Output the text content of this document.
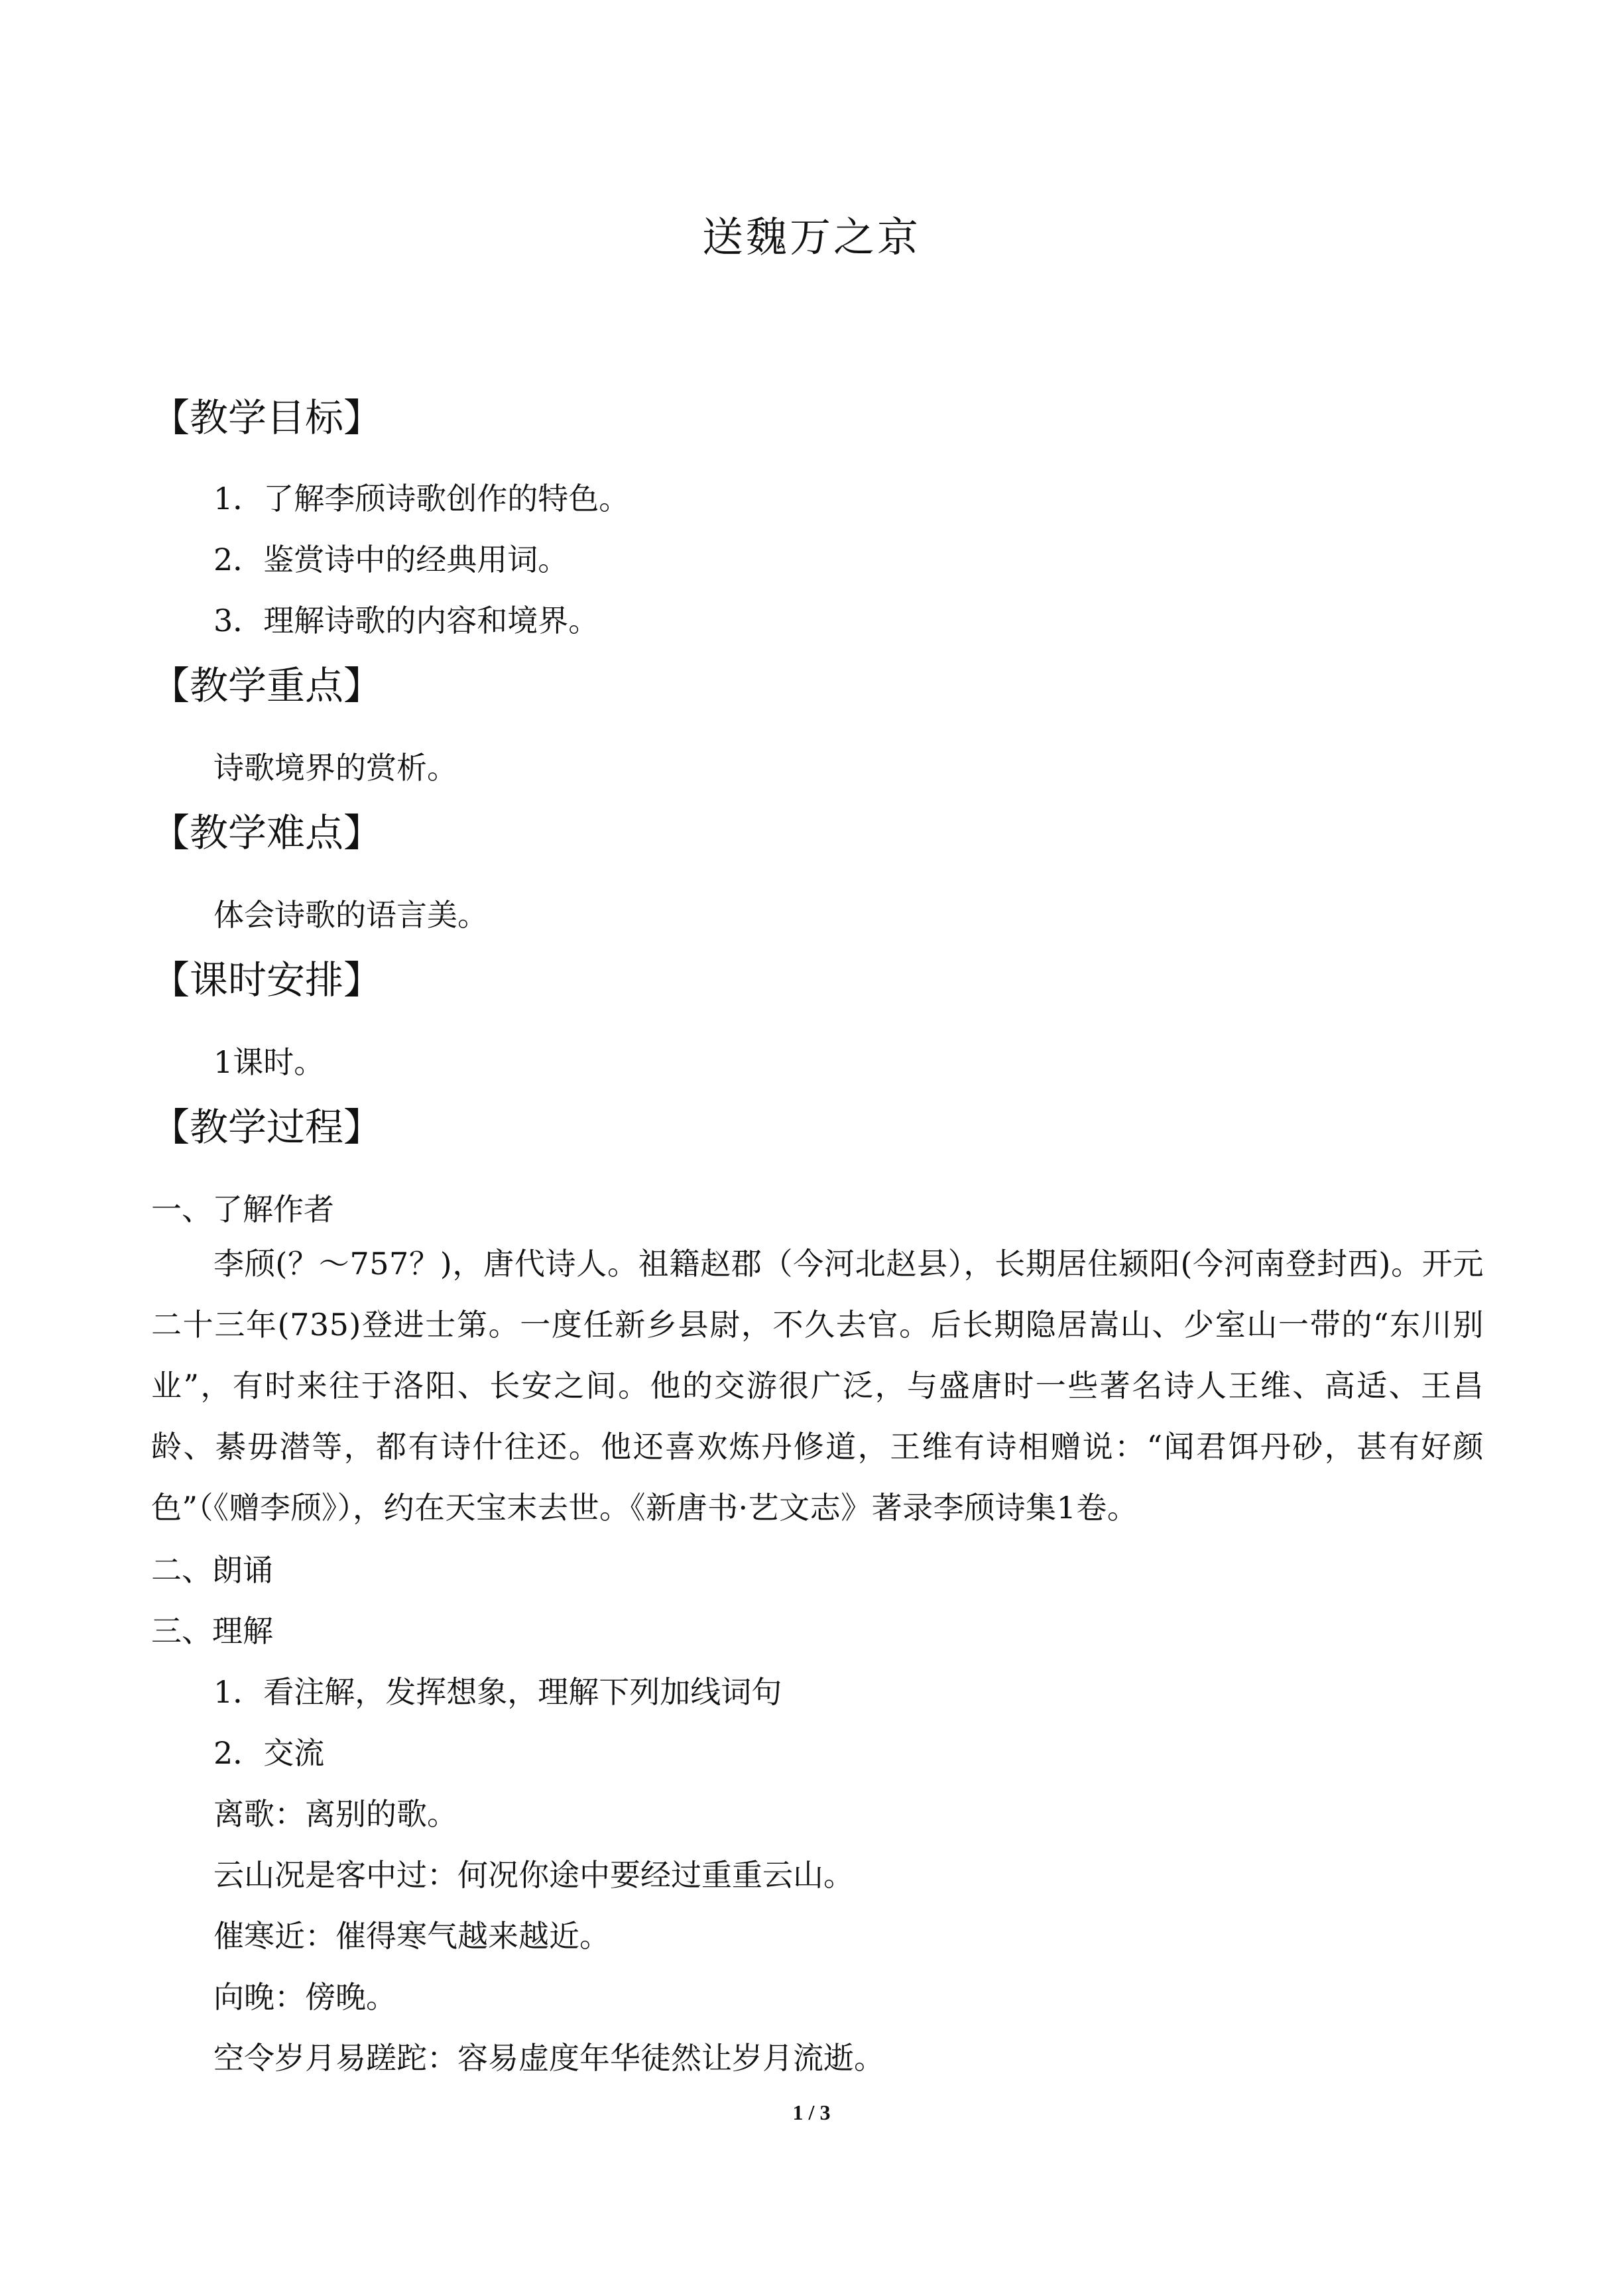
送魏万之京
【教学目标】
1．了解李颀诗歌创作的特色。
2．鉴赏诗中的经典用词。
3．理解诗歌的内容和境界。
【教学重点】
诗歌境界的赏析。
【教学难点】
体会诗歌的语言美。
【课时安排】
1课时。
【教学过程】
一、了解作者
李颀(？～757？)，唐代诗人。祖籍赵郡（今河北赵县），长期居住颍阳(今河南登封西)。开元二十三年(735)登进士第。一度任新乡县尉，不久去官。后长期隐居嵩山、少室山一带的“东川别业”，有时来往于洛阳、长安之间。他的交游很广泛，与盛唐时一些著名诗人王维、高适、王昌龄、綦毋潜等，都有诗什往还。他还喜欢炼丹修道，王维有诗相赠说：“闻君饵丹砂，甚有好颜色”（《赠李颀》），约在天宝末去世。《新唐书·艺文志》著录李颀诗集1卷。
二、朗诵
三、理解
1．看注解，发挥想象，理解下列加线词句
2．交流
离歌：离别的歌。
云山况是客中过：何况你途中要经过重重云山。
催寒近：催得寒气越来越近。
向晚：傍晚。
空令岁月易蹉跎：容易虚度年华徒然让岁月流逝。
1 / 3
